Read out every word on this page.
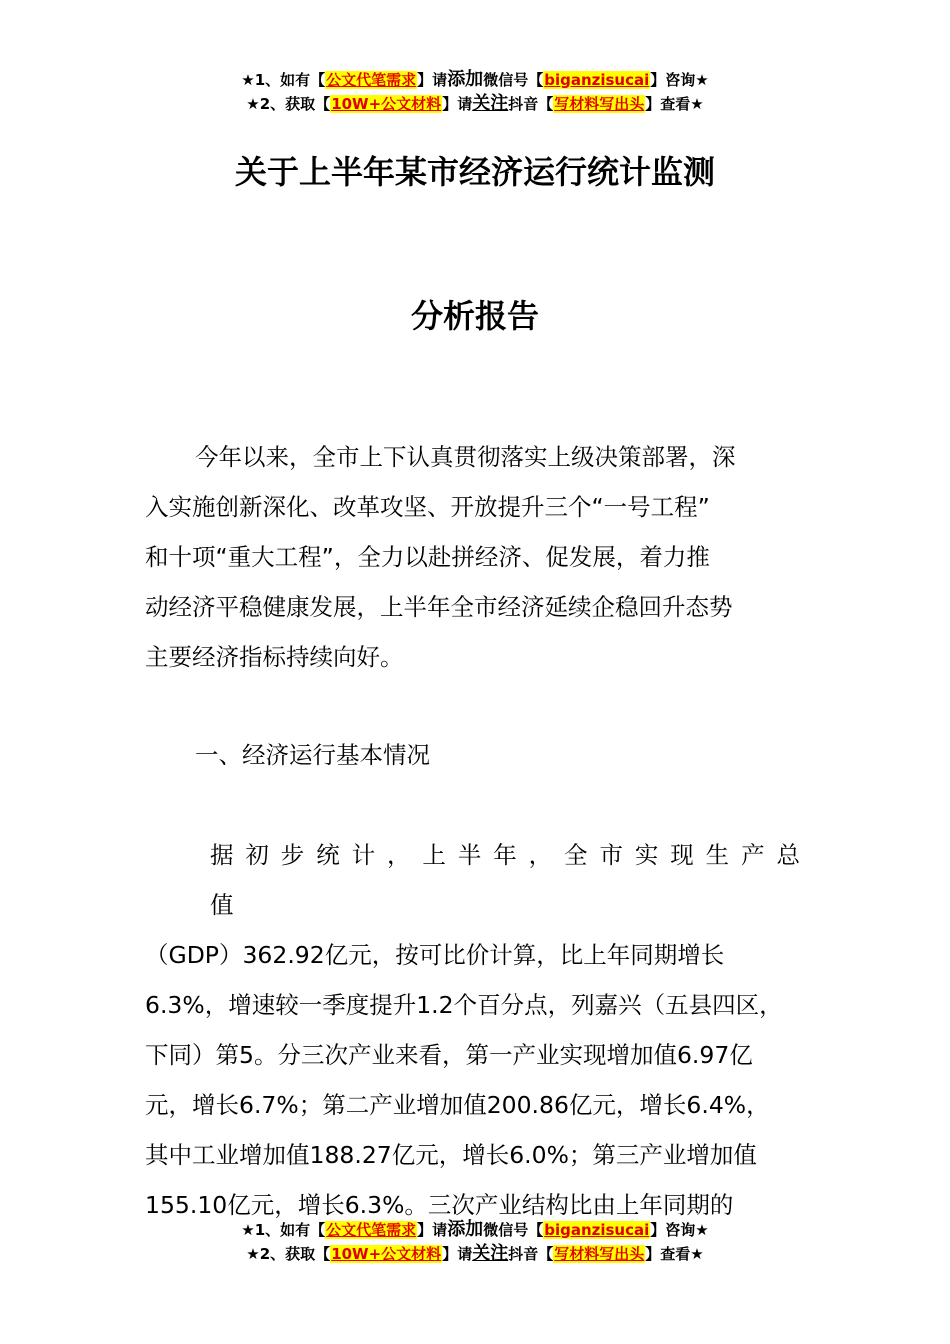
★1、如有【公文代笔需求】请添加微信号【biganzisucai】咨询★
★2、获取【10W+公文材料】请关注抖音【写材料写出头】查看★
关于上半年某市经济运行统计监测
分析报告
今年以来，全市上下认真贯彻落实上级决策部署，深
入实施创新深化、改革攻坚、开放提升三个“一号工程”
和十项“重大工程”，全力以赴拼经济、促发展，着力推
动经济平稳健康发展，上半年全市经济延续企稳回升态势
主要经济指标持续向好。
一、经济运行基本情况
据初步统计，上半年，全市实现生产总值
（GDP）362.92亿元，按可比价计算，比上年同期增长
6.3%，增速较一季度提升1.2个百分点，列嘉兴（五县四区，
下同）第5。分三次产业来看，第一产业实现增加值6.97亿
元，增长6.7%；第二产业增加值200.86亿元，增长6.4%，
其中工业增加值188.27亿元，增长6.0%；第三产业增加值
155.10亿元，增长6.3%。三次产业结构比由上年同期的
★1、如有【公文代笔需求】请添加微信号【biganzisucai】咨询★
★2、获取【10W+公文材料】请关注抖音【写材料写出头】查看★
